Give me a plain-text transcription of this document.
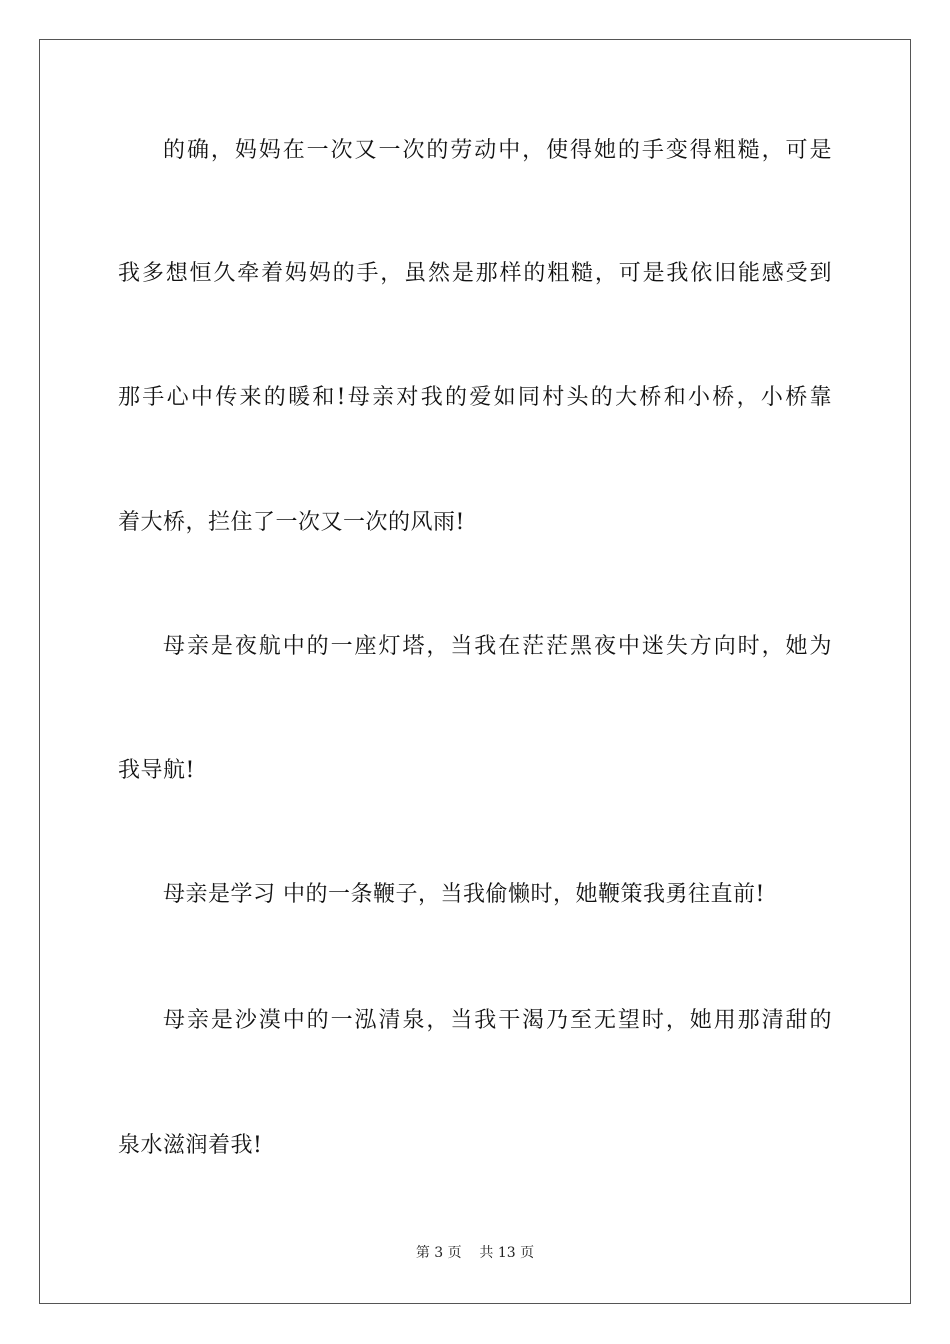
的确，妈妈在一次又一次的劳动中，使得她的手变得粗糙，可是
我多想恒久牵着妈妈的手，虽然是那样的粗糙，可是我依旧能感受到
那手心中传来的暖和!母亲对我的爱如同村头的大桥和小桥，小桥靠
着大桥，拦住了一次又一次的风雨!
母亲是夜航中的一座灯塔，当我在茫茫黑夜中迷失方向时，她为
我导航!
母亲是学习 中的一条鞭子，当我偷懒时，她鞭策我勇往直前!
母亲是沙漠中的一泓清泉，当我干渴乃至无望时，她用那清甜的
泉水滋润着我!
第 3 页    共 13 页
